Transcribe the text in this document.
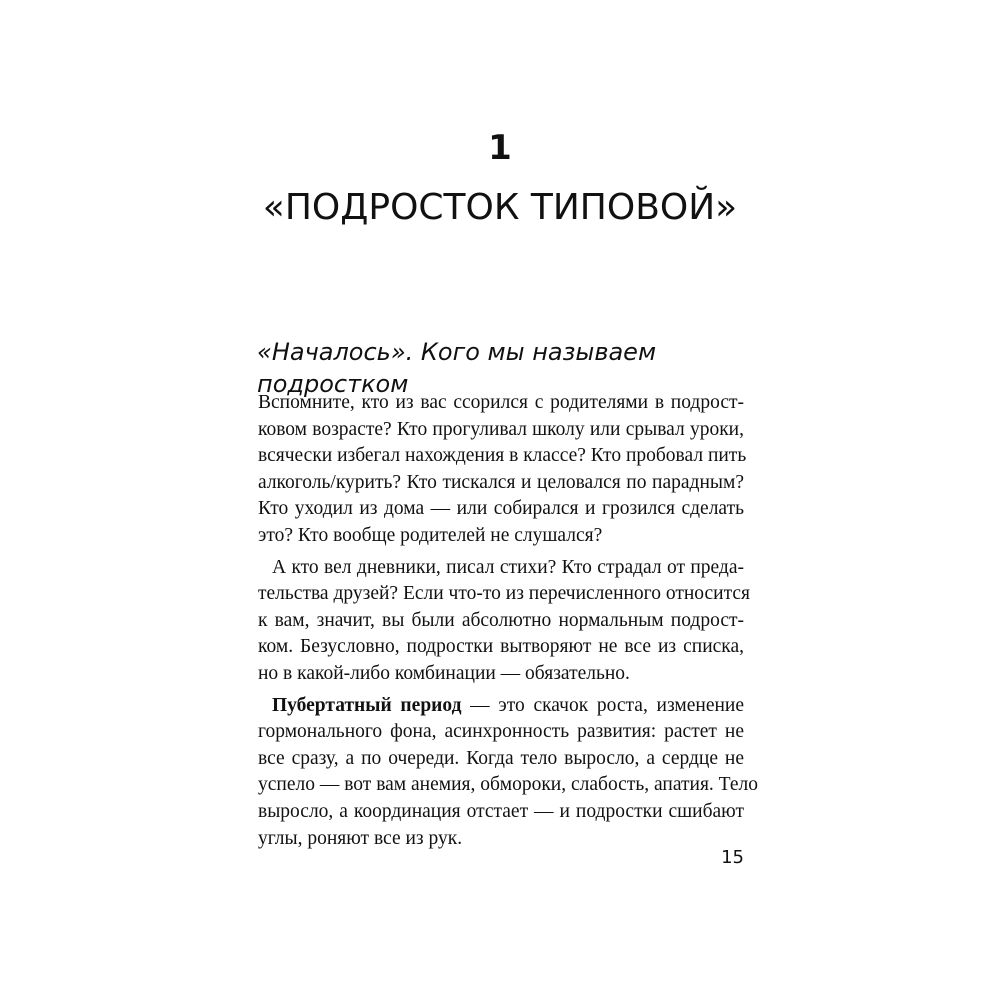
1
«ПОДРОСТОК ТИПОВОЙ»
«Началось». Кого мы называем подростком
Вспомните, кто из вас ссорился с родителями в подрост-
ковом возрасте? Кто прогуливал школу или срывал уроки,
всячески избегал нахождения в классе? Кто пробовал пить
алкоголь/курить? Кто тискался и целовался по парадным?
Кто уходил из дома — или собирался и грозился сделать
это? Кто вообще родителей не слушался?
А кто вел дневники, писал стихи? Кто страдал от преда-
тельства друзей? Если что-то из перечисленного относится
к вам, значит, вы были абсолютно нормальным подрост-
ком. Безусловно, подростки вытворяют не все из списка,
но в какой-либо комбинации — обязательно.
Пубертатный период — это скачок роста, изменение
гормонального фона, асинхронность развития: растет не
все сразу, а по очереди. Когда тело выросло, а сердце не
успело — вот вам анемия, обмороки, слабость, апатия. Тело
выросло, а координация отстает — и подростки сшибают
углы, роняют все из рук.
15
